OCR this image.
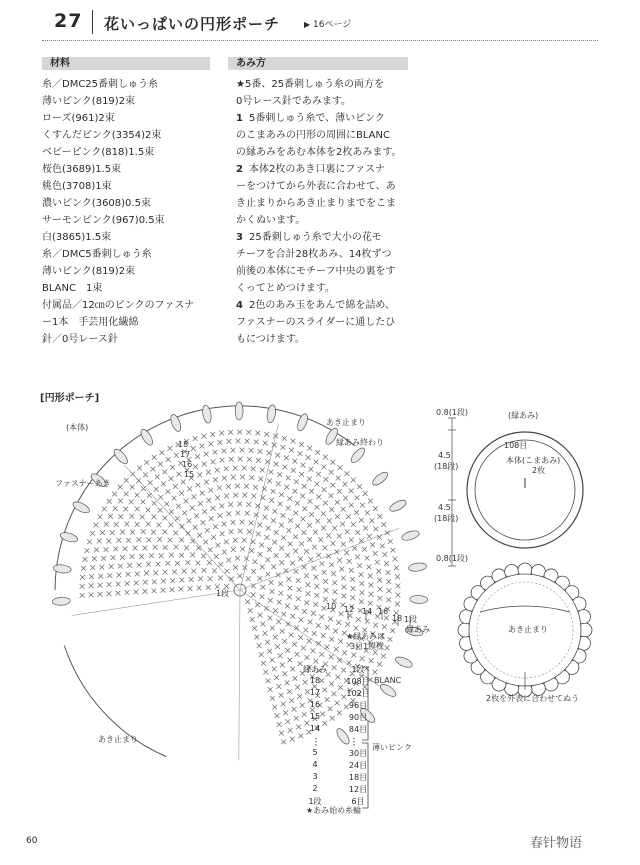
27 花いっぱいの円形ポーチ	▶ 16ページ
材料	あみ方
糸／DMC25番刺しゅう糸
薄いピンク(819)2束
ローズ(961)2束
くすんだピンク(3354)2束
ベビーピンク(818)1.5束
桜色(3689)1.5束
桃色(3708)1束
濃いピンク(3608)0.5束
サーモンピンク(967)0.5束
白(3865)1.5束
糸／DMC5番刺しゅう糸
薄いピンク(819)2束
BLANC　1束
付属品／12㎝のピンクのファスナ
ー1本　手芸用化繊綿
針／0号レース針
★5番、25番刺しゅう糸の両方を
0号レース針であみます。
1 5番刺しゅう糸で、薄いピンク
のこまあみの円形の周囲にBLANC
の縁あみをあむ本体を2枚あみます。
2 本体2枚のあき口裏にファスナ
ーをつけてから外表に合わせて、あ
き止まりからあき止まりまでをこま
かくぬいます。
3 25番刺しゅう糸で大小の花モ
チーフを合計28枚あみ、14枚ずつ
前後の本体にモチーフ中央の裏をす
くってとめつけます。
4 2色のあみ玉をあんで綿を詰め、
ファスナーのスライダーに通したひ
もにつけます。
[円形ポーチ]
(本体)
あき止まり
縁あみ終わり
ファスナーあき
あき止まり
1段
10 12 14 16
18 1段
縁あみ
18
17
16
15
★縁あみは
3目1模様
縁あみ	1段
18	108目
17	102目
16	96目
15	90目
14	84目
5	30目
4	24目
3	18目
2	12目
1段	6目
BLANC
薄いピンク
★あみ始め糸輪
0.8(1段)
4.5
(18段)
4.5
(18段)
0.8(1段)
(縁あみ)
108目
本体(こまあみ)
2枚
あき止まり
2枚を外表に合わせてぬう
60	春针物语
